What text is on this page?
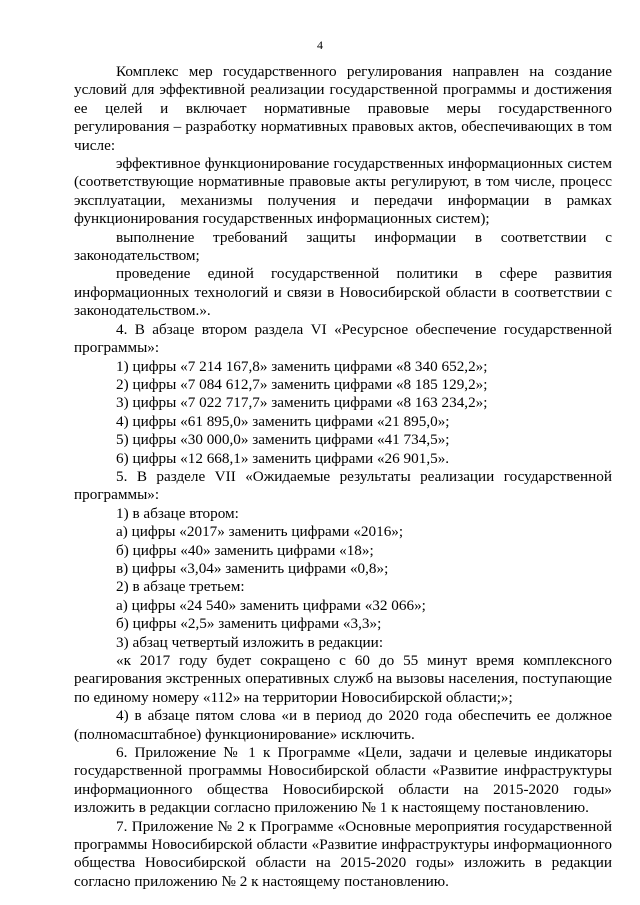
4

Комплекс мер государственного регулирования направлен на создание условий для эффективной реализации государственной программы и достижения ее целей и включает нормативные правовые меры государственного регулирования – разработку нормативных правовых актов, обеспечивающих в том числе:

эффективное функционирование государственных информационных систем (соответствующие нормативные правовые акты регулируют, в том числе, процесс эксплуатации, механизмы получения и передачи информации в рамках функционирования государственных информационных систем);

выполнение требований защиты информации в соответствии с законодательством;

проведение единой государственной политики в сфере развития информационных технологий и связи в Новосибирской области в соответствии с законодательством.».

4. В абзаце втором раздела VI «Ресурсное обеспечение государственной программы»:

1) цифры «7 214 167,8» заменить цифрами «8 340 652,2»;

2) цифры «7 084 612,7» заменить цифрами «8 185 129,2»;

3) цифры «7 022 717,7» заменить цифрами «8 163 234,2»;

4) цифры «61 895,0» заменить цифрами «21 895,0»;

5) цифры «30 000,0» заменить цифрами «41 734,5»;

6) цифры «12 668,1» заменить цифрами «26 901,5».

5. В разделе VII «Ожидаемые результаты реализации государственной программы»:

1) в абзаце втором:

а) цифры «2017» заменить цифрами «2016»;

б) цифры «40» заменить цифрами «18»;

в) цифры «3,04» заменить цифрами «0,8»;

2) в абзаце третьем:

а) цифры «24 540» заменить цифрами «32 066»;

б) цифры «2,5» заменить цифрами «3,3»;

3) абзац четвертый изложить в редакции:

«к 2017 году будет сокращено с 60 до 55 минут время комплексного реагирования экстренных оперативных служб на вызовы населения, поступающие по единому номеру «112» на территории Новосибирской области;»;

4) в абзаце пятом слова «и в период до 2020 года обеспечить ее должное (полномасштабное) функционирование» исключить.

6. Приложение № 1 к Программе «Цели, задачи и целевые индикаторы государственной программы Новосибирской области «Развитие инфраструктуры информационного общества Новосибирской области на 2015-2020 годы» изложить в редакции согласно приложению № 1 к настоящему постановлению.

7. Приложение № 2 к Программе «Основные мероприятия государственной программы Новосибирской области «Развитие инфраструктуры информационного общества Новосибирской области на 2015-2020 годы» изложить в редакции согласно приложению № 2 к настоящему постановлению.
